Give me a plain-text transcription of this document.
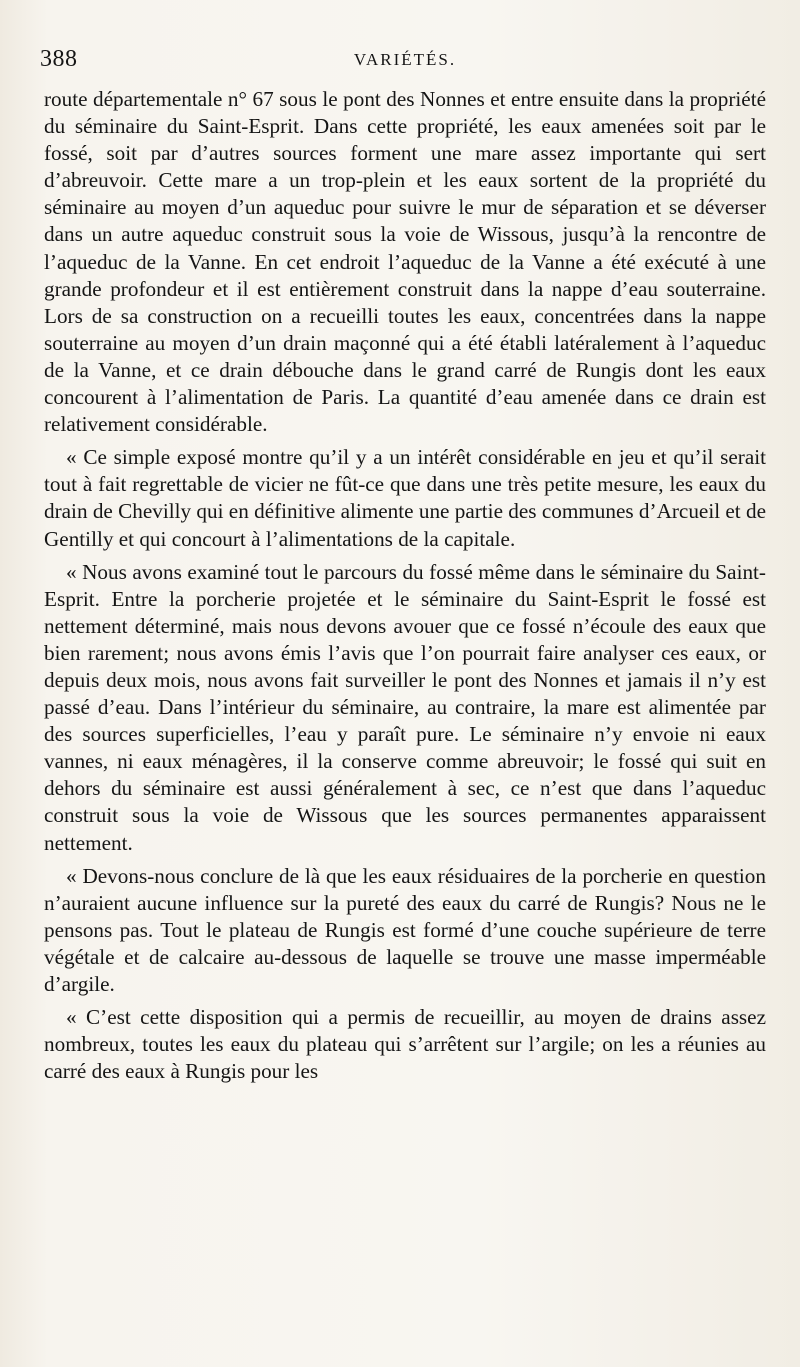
388	VARIÉTÉS.

route départementale n° 67 sous le pont des Nonnes et entre ensuite dans la propriété du séminaire du Saint-Esprit. Dans cette propriété, les eaux amenées soit par le fossé, soit par d’autres sources forment une mare assez importante qui sert d’abreuvoir. Cette mare a un trop-plein et les eaux sortent de la propriété du séminaire au moyen d’un aqueduc pour suivre le mur de séparation et se déverser dans un autre aqueduc construit sous la voie de Wissous, jusqu’à la rencontre de l’aqueduc de la Vanne. En cet endroit l’aqueduc de la Vanne a été exécuté à une grande profondeur et il est entièrement construit dans la nappe d’eau souterraine. Lors de sa construction on a recueilli toutes les eaux, concentrées dans la nappe souterraine au moyen d’un drain maçonné qui a été établi latéralement à l’aqueduc de la Vanne, et ce drain débouche dans le grand carré de Rungis dont les eaux concourent à l’alimentation de Paris. La quantité d’eau amenée dans ce drain est relativement considérable.

« Ce simple exposé montre qu’il y a un intérêt considérable en jeu et qu’il serait tout à fait regrettable de vicier ne fût-ce que dans une très petite mesure, les eaux du drain de Chevilly qui en définitive alimente une partie des communes d’Arcueil et de Gentilly et qui concourt à l’alimentations de la capitale.

« Nous avons examiné tout le parcours du fossé même dans le séminaire du Saint-Esprit. Entre la porcherie projetée et le séminaire du Saint-Esprit le fossé est nettement déterminé, mais nous devons avouer que ce fossé n’écoule des eaux que bien rarement; nous avons émis l’avis que l’on pourrait faire analyser ces eaux, or depuis deux mois, nous avons fait surveiller le pont des Nonnes et jamais il n’y est passé d’eau. Dans l’intérieur du séminaire, au contraire, la mare est alimentée par des sources superficielles, l’eau y paraît pure. Le séminaire n’y envoie ni eaux vannes, ni eaux ménagères, il la conserve comme abreuvoir; le fossé qui suit en dehors du séminaire est aussi généralement à sec, ce n’est que dans l’aqueduc construit sous la voie de Wissous que les sources permanentes apparaissent nettement.

« Devons-nous conclure de là que les eaux résiduaires de la porcherie en question n’auraient aucune influence sur la pureté des eaux du carré de Rungis? Nous ne le pensons pas. Tout le plateau de Rungis est formé d’une couche supérieure de terre végétale et de calcaire au-dessous de laquelle se trouve une masse imperméable d’argile.

« C’est cette disposition qui a permis de recueillir, au moyen de drains assez nombreux, toutes les eaux du plateau qui s’arrêtent sur l’argile; on les a réunies au carré des eaux à Rungis pour les
